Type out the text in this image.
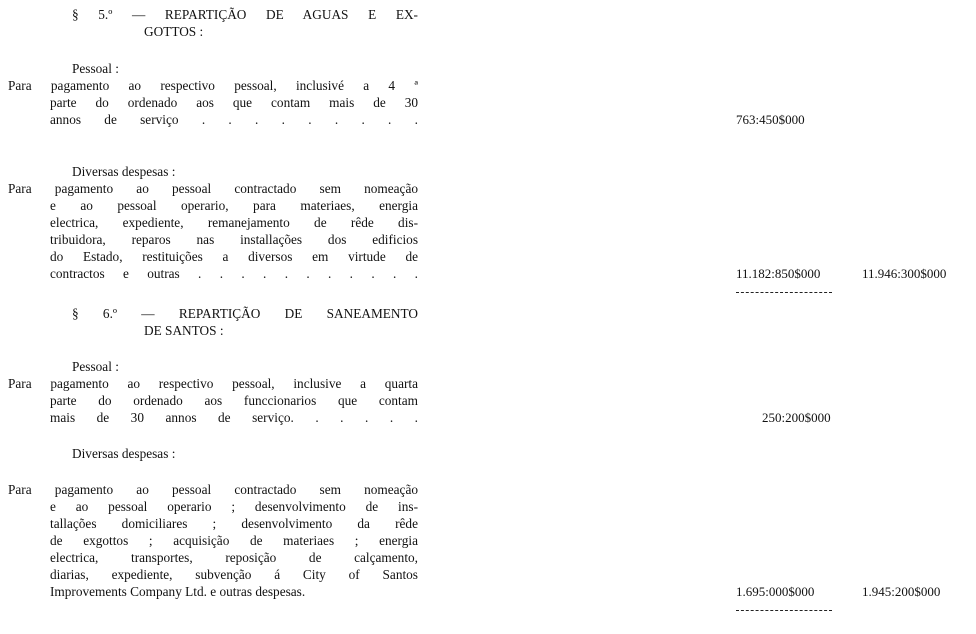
§ 5.º — REPARTIÇÃO DE AGUAS E EX-
GOTTOS :
Pessoal :
Para pagamento ao respectivo pessoal, inclusivé a 4 ª
parte do ordenado aos que contam mais de 30
annos de serviço . . . . . . . . .	763:450$000
Diversas despesas :
Para pagamento ao pessoal contractado sem nomeação
e ao pessoal operario, para materiaes, energia
electrica, expediente, remanejamento de rêde dis-
tribuidora, reparos nas installações dos edificios
do Estado, restituições a diversos em virtude de
contractos e outras . . . . . . . . . . .	11.182:850$000	11.946:300$000
§ 6.º — REPARTIÇÃO DE SANEAMENTO
DE SANTOS :
Pessoal :
Para pagamento ao respectivo pessoal, inclusive a quarta
parte do ordenado aos funccionarios que contam
mais de 30 annos de serviço. . . . . .	250:200$000
Diversas despesas :
Para pagamento ao pessoal contractado sem nomeação
e ao pessoal operario ; desenvolvimento de ins-
tallações domiciliares ; desenvolvimento da rêde
de exgottos ; acquisição de materiaes ; energia
electrica, transportes, reposição de calçamento,
diarias, expediente, subvenção á City of Santos
Improvements Company Ltd. e outras despesas.	1.695:000$000	1.945:200$000
